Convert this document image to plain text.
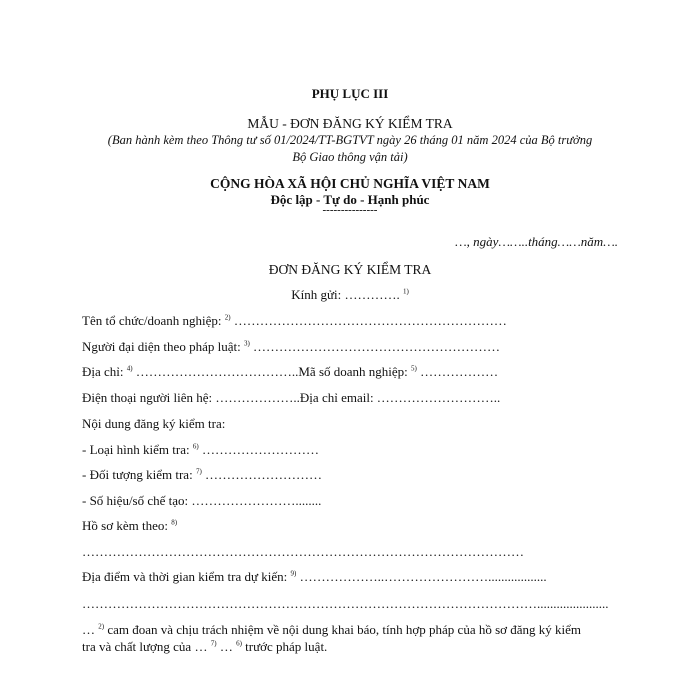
PHỤ LỤC III
MẪU - ĐƠN ĐĂNG KÝ KIỂM TRA
(Ban hành kèm theo Thông tư số 01/2024/TT-BGTVT ngày 26 tháng 01 năm 2024 của Bộ trưởng
Bộ Giao thông vận tải)
CỘNG HÒA XÃ HỘI CHỦ NGHĨA VIỆT NAM
Độc lập - Tự do - Hạnh phúc
---------------
…, ngày……..tháng……năm….
ĐƠN ĐĂNG KÝ KIỂM TRA
Kính gửi: …………. $^{1)}$
Tên tổ chức/doanh nghiệp: $^{2)}$ ………………………………………………………
Người đại diện theo pháp luật: $^{3)}$ …………………………………………………
Địa chỉ: $^{4)}$ ………………………………..Mã số doanh nghiệp: $^{5)}$ ………………
Điện thoại người liên hệ: ………………..Địa chỉ email: ………………………..
Nội dung đăng ký kiểm tra:
- Loại hình kiểm tra: $^{6)}$ ………………………
- Đối tượng kiểm tra: $^{7)}$ ………………………
- Số hiệu/số chế tạo: ……………………........
Hồ sơ kèm theo: $^{8)}$
…………………………………………………………………………………………
Địa điểm và thời gian kiểm tra dự kiến: $^{9)}$ ………………..……………………..................
……………………………………………………………………………………………......................
… $^{2)}$ cam đoan và chịu trách nhiệm về nội dung khai báo, tính hợp pháp của hồ sơ đăng ký kiểm
tra và chất lượng của … $^{7)}$ … $^{6)}$ trước pháp luật.
